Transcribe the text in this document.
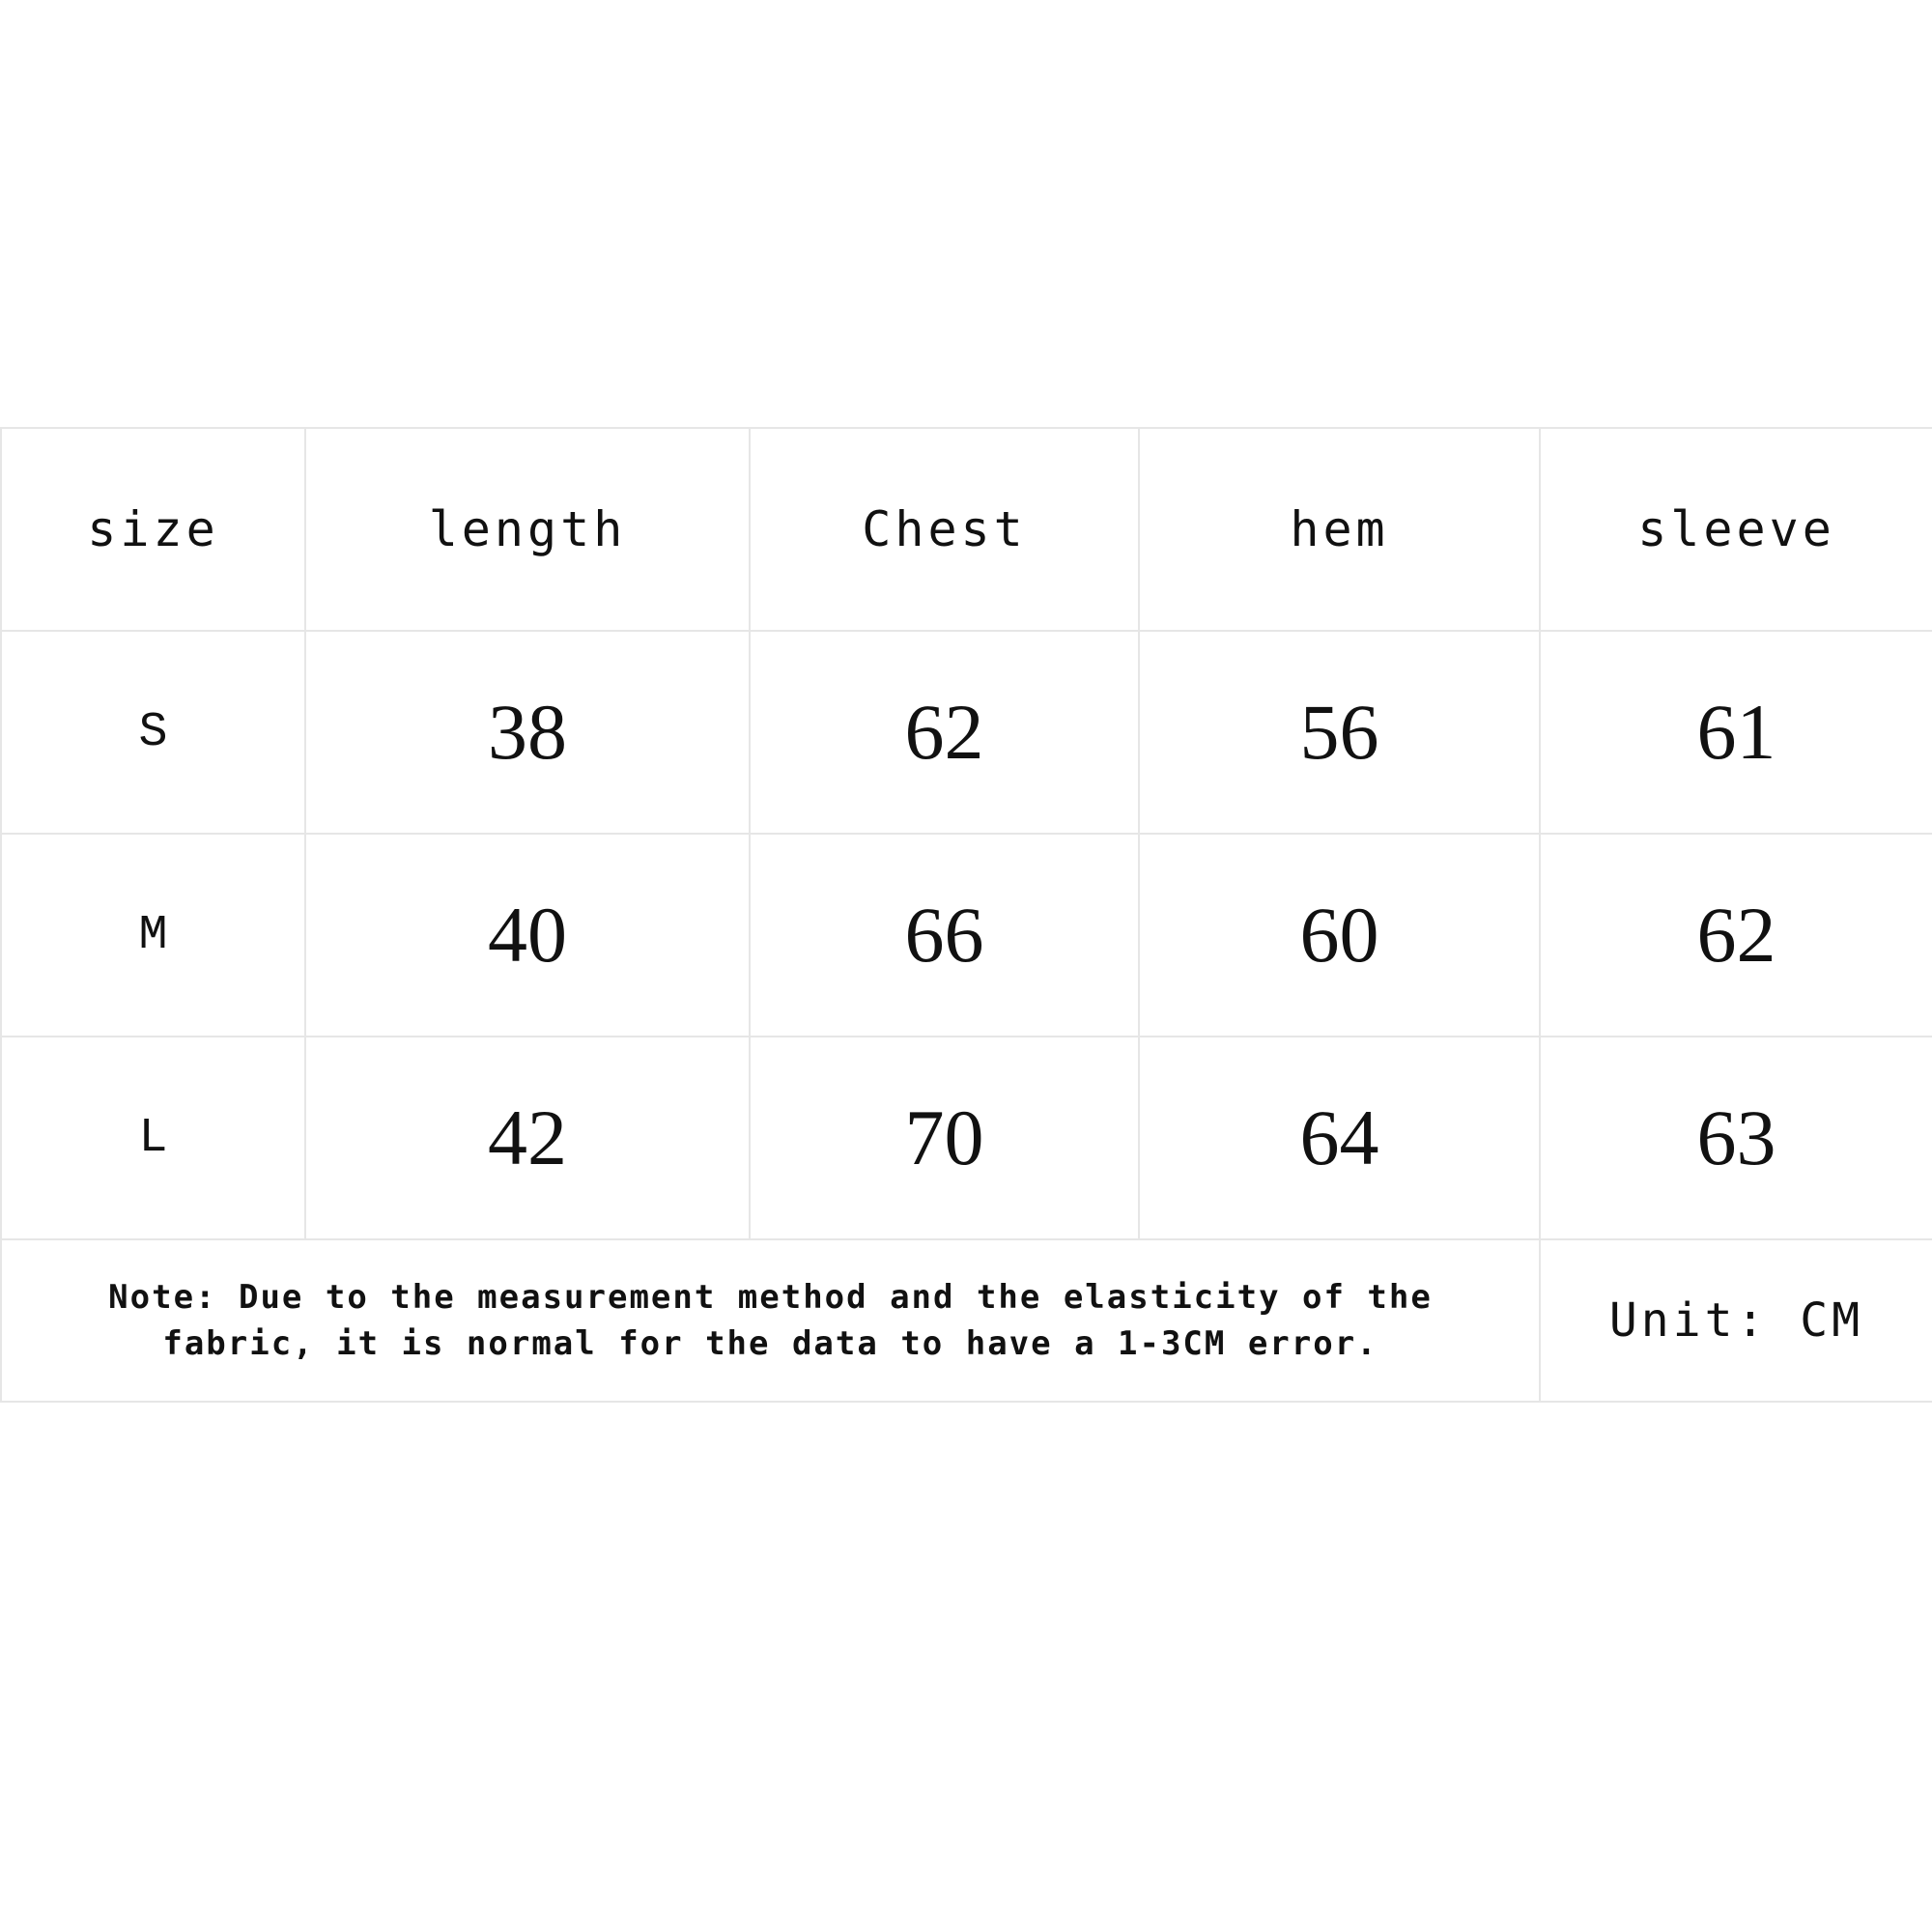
size	length	Chest	hem	sleeve
S	38	62	56	61
M	40	66	60	62
L	42	70	64	63

Note: Due to the measurement method and the elasticity of the fabric, it is normal for the data to have a 1-3CM error.				Unit: CM
